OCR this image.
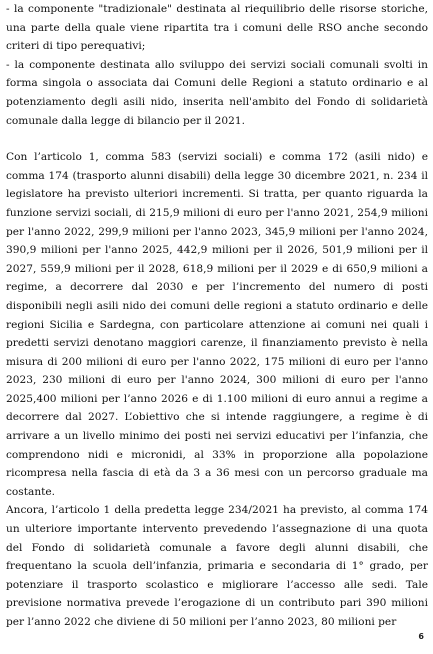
- la componente "tradizionale" destinata al riequilibrio delle risorse storiche, una parte della quale viene ripartita tra i comuni delle RSO anche secondo criteri di tipo perequativi;

- la componente destinata allo sviluppo dei servizi sociali comunali svolti in forma singola o associata dai Comuni delle Regioni a statuto ordinario e al potenziamento degli asili nido, inserita nell'ambito del Fondo di solidarietà comunale dalla legge di bilancio per il 2021.

Con l’articolo 1, comma 583 (servizi sociali) e comma 172 (asili nido) e comma 174 (trasporto alunni disabili) della legge 30 dicembre 2021, n. 234 il legislatore ha previsto ulteriori incrementi. Si tratta, per quanto riguarda la funzione servizi sociali, di 215,9 milioni di euro per l'anno 2021, 254,9 milioni per l'anno 2022, 299,9 milioni per l'anno 2023, 345,9 milioni per l'anno 2024, 390,9 milioni per l'anno 2025, 442,9 milioni per il 2026, 501,9 milioni per il 2027, 559,9 milioni per il 2028, 618,9 milioni per il 2029 e di 650,9 milioni a regime, a decorrere dal 2030 e per l’incremento del numero di posti disponibili negli asili nido dei comuni delle regioni a statuto ordinario e delle regioni Sicilia e Sardegna, con particolare attenzione ai comuni nei quali i predetti servizi denotano maggiori carenze, il finanziamento previsto è nella misura di 200 milioni di euro per l'anno 2022, 175 milioni di euro per l'anno 2023, 230 milioni di euro per l'anno 2024, 300 milioni di euro per l'anno 2025,400 milioni per l’anno 2026 e di 1.100 milioni di euro annui a regime a decorrere dal 2027. L’obiettivo che si intende raggiungere, a regime è di arrivare a un livello minimo dei posti nei servizi educativi per l’infanzia, che comprendono nidi e micronidi, al 33% in proporzione alla popolazione ricompresa nella fascia di età da 3 a 36 mesi con un percorso graduale ma costante.

Ancora, l’articolo 1 della predetta legge 234/2021 ha previsto, al comma 174 un ulteriore importante intervento prevedendo l’assegnazione di una quota del Fondo di solidarietà comunale a favore degli alunni disabili, che frequentano la scuola dell’infanzia, primaria e secondaria di 1° grado, per potenziare il trasporto scolastico e migliorare l’accesso alle sedi. Tale previsione normativa prevede l’erogazione di un contributo pari 390 milioni per l’anno 2022 che diviene di 50 milioni per l’anno 2023, 80 milioni per

6
